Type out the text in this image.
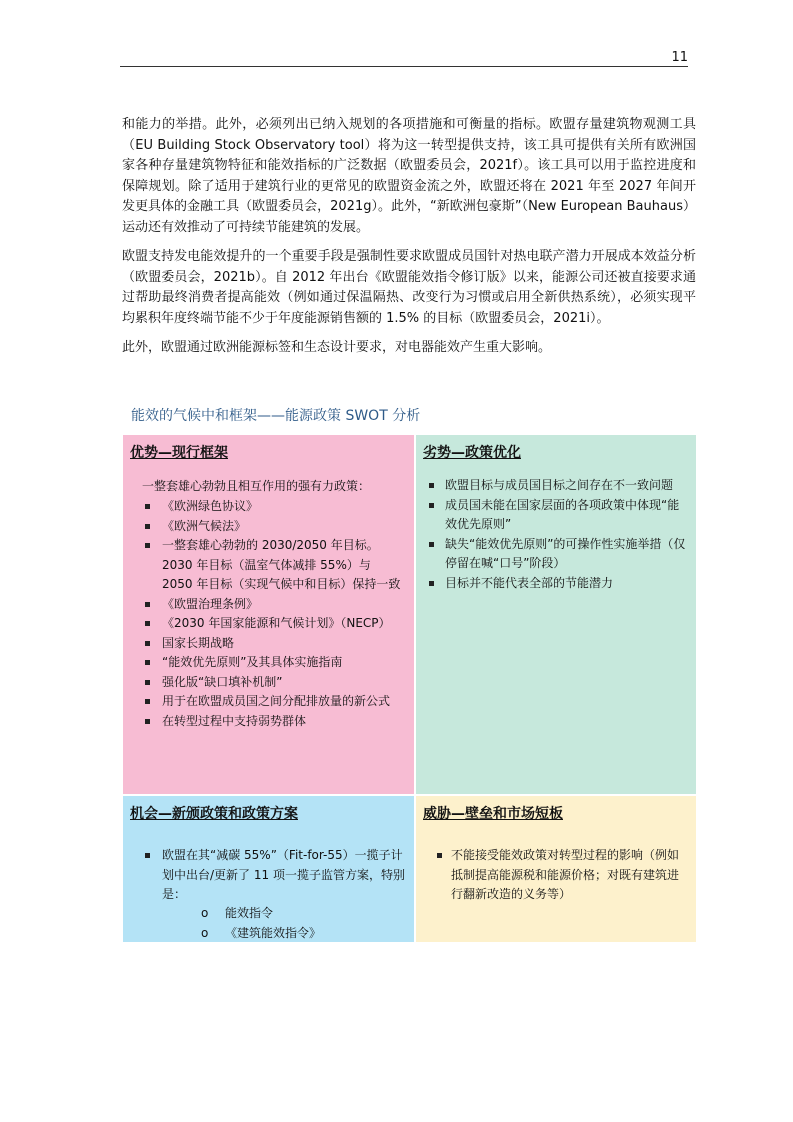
11

和能力的举措。此外，必须列出已纳入规划的各项措施和可衡量的指标。欧盟存量建筑物观测工具（EU Building Stock Observatory tool）将为这一转型提供支持，该工具可提供有关所有欧洲国家各种存量建筑物特征和能效指标的广泛数据（欧盟委员会，2021f）。该工具可以用于监控进度和保障规划。除了适用于建筑行业的更常见的欧盟资金流之外，欧盟还将在 2021 年至 2027 年间开发更具体的金融工具（欧盟委员会，2021g）。此外，“新欧洲包豪斯”（New European Bauhaus）运动还有效推动了可持续节能建筑的发展。

欧盟支持发电能效提升的一个重要手段是强制性要求欧盟成员国针对热电联产潜力开展成本效益分析（欧盟委员会，2021b）。自 2012 年出台《欧盟能效指令修订版》以来，能源公司还被直接要求通过帮助最终消费者提高能效（例如通过保温隔热、改变行为习惯或启用全新供热系统），必须实现平均累积年度终端节能不少于年度能源销售额的 1.5% 的目标（欧盟委员会，2021i）。

此外，欧盟通过欧洲能源标签和生态设计要求，对电器能效产生重大影响。

能效的气候中和框架——能源政策 SWOT 分析
优势—现行框架
一整套雄心勃勃且相互作用的强有力政策：
《欧洲绿色协议》
《欧洲气候法》
一整套雄心勃勃的 2030/2050 年目标。2030 年目标（温室气体减排 55%）与 2050 年目标（实现气候中和目标）保持一致
《欧盟治理条例》
《2030 年国家能源和气候计划》（NECP）
国家长期战略
“能效优先原则”及其具体实施指南
强化版“缺口填补机制”
用于在欧盟成员国之间分配排放量的新公式
在转型过程中支持弱势群体
劣势—政策优化
欧盟目标与成员国目标之间存在不一致问题
成员国未能在国家层面的各项政策中体现“能效优先原则”
缺失“能效优先原则”的可操作性实施举措（仅停留在喊“口号”阶段）
目标并不能代表全部的节能潜力
机会—新颁政策和政策方案
欧盟在其“减碳 55%”（Fit-for-55）一揽子计划中出台/更新了 11 项一揽子监管方案，特别是：
o 能效指令
o 《建筑能效指令》
威胁—壁垒和市场短板
不能接受能效政策对转型过程的影响（例如抵制提高能源税和能源价格；对既有建筑进行翻新改造的义务等）
